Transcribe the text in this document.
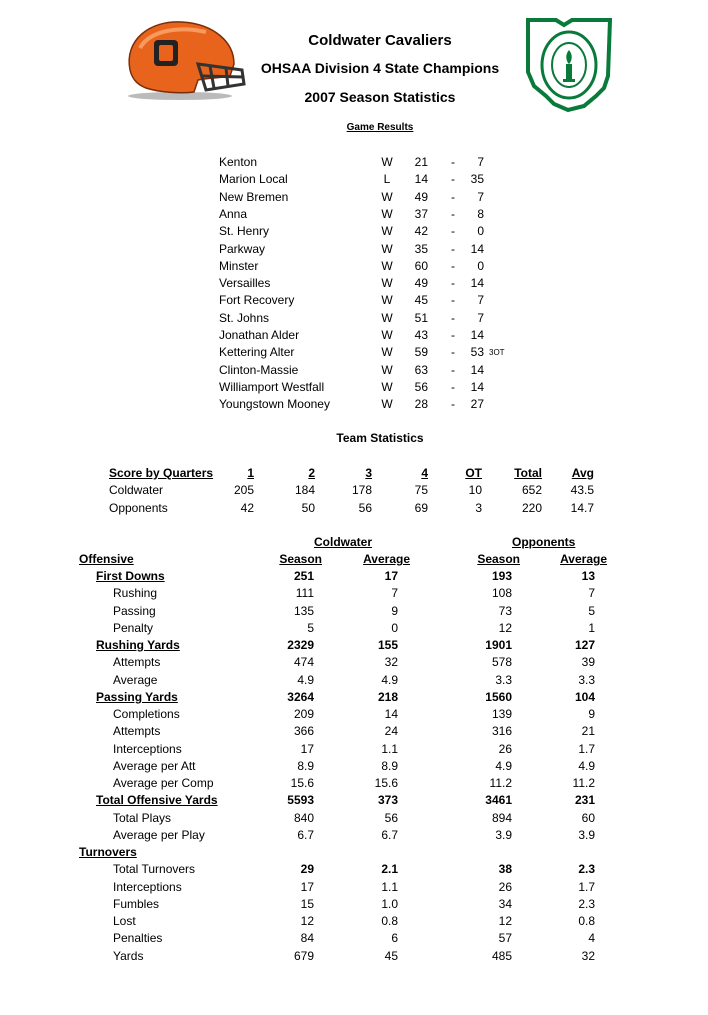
Coldwater Cavaliers
OHSAA Division 4 State Champions
2007 Season Statistics
Game Results
Kenton	W	21 -	7
Marion Local	L	14 -	35
New Bremen	W	49 -	7
Anna	W	37 -	8
St. Henry	W	42 -	0
Parkway	W	35 -	14
Minster	W	60 -	0
Versailles	W	49 -	14
Fort Recovery	W	45 -	7
St. Johns	W	51 -	7
Jonathan Alder	W	43 -	14
Kettering Alter	W	59 -	53 3OT
Clinton-Massie	W	63 -	14
Williamport Westfall	W	56 -	14
Youngstown Mooney	W	28 -	27
Team Statistics
Score by Quarters	1	2	3	4	OT	Total	Avg
Coldwater	205	184	178	75	10	652	43.5
Opponents	42	50	56	69	3	220	14.7
Coldwater	Opponents
Offensive	Season	Average	Season	Average
First Downs	251	17	193	13
Rushing	111	7	108	7
Passing	135	9	73	5
Penalty	5	0	12	1
Rushing Yards	2329	155	1901	127
Attempts	474	32	578	39
Average	4.9	4.9	3.3	3.3
Passing Yards	3264	218	1560	104
Completions	209	14	139	9
Attempts	366	24	316	21
Interceptions	17	1.1	26	1.7
Average per Att	8.9	8.9	4.9	4.9
Average per Comp	15.6	15.6	11.2	11.2
Total Offensive Yards	5593	373	3461	231
Total Plays	840	56	894	60
Average per Play	6.7	6.7	3.9	3.9
Turnovers
Total Turnovers	29	2.1	38	2.3
Interceptions	17	1.1	26	1.7
Fumbles	15	1.0	34	2.3
Lost	12	0.8	12	0.8
Penalties	84	6	57	4
Yards	679	45	485	32
